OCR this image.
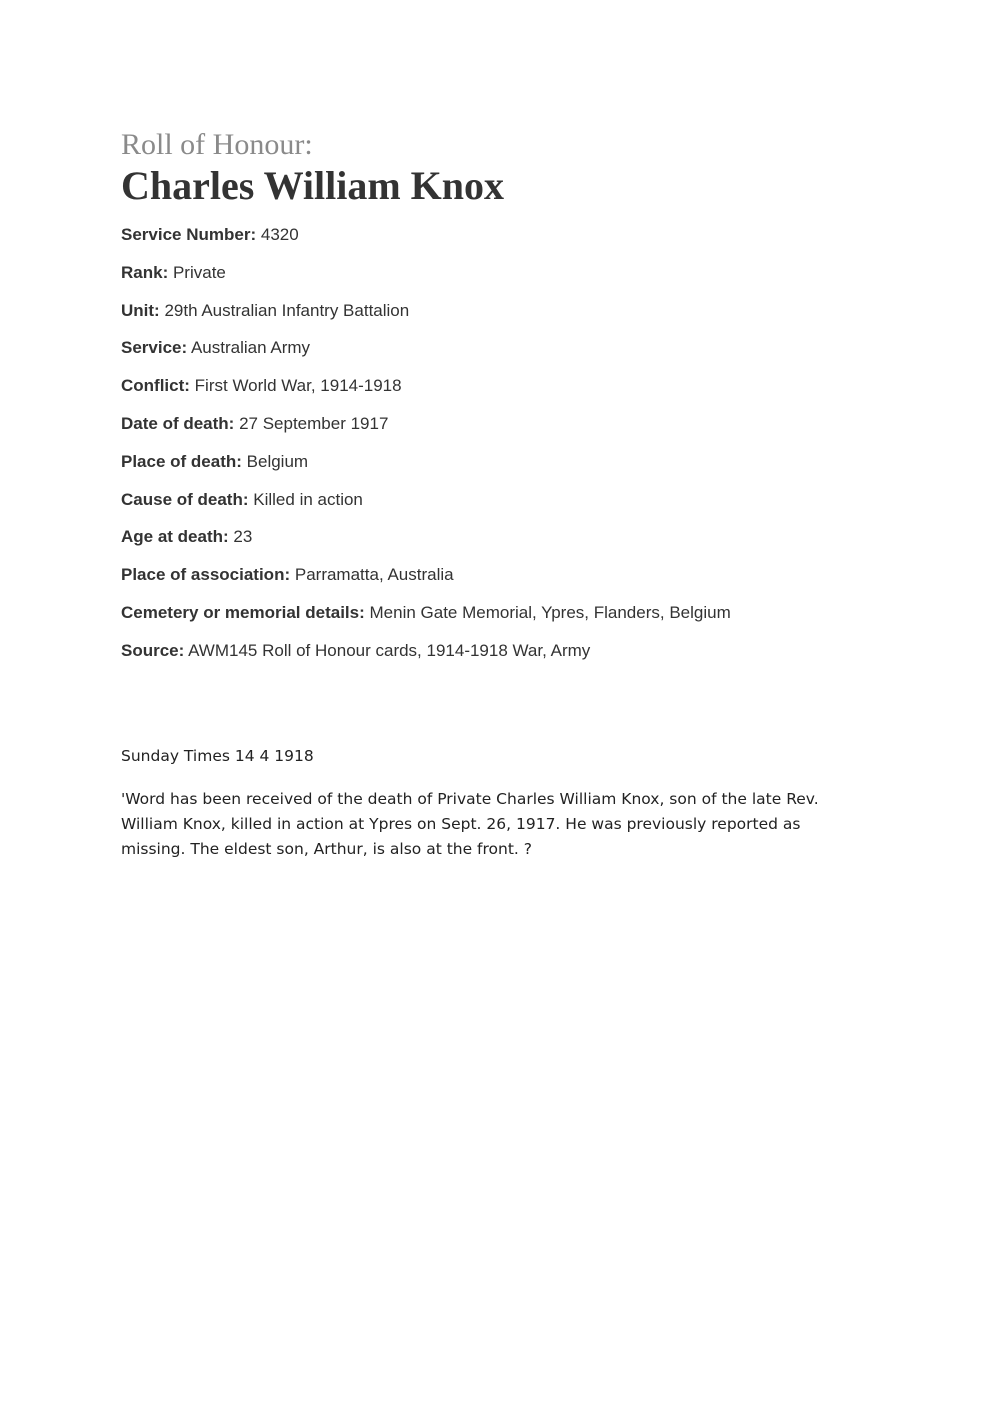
Roll of Honour:
Charles William Knox

Service Number: 4320

Rank: Private

Unit: 29th Australian Infantry Battalion

Service: Australian Army

Conflict: First World War, 1914-1918

Date of death: 27 September 1917

Place of death: Belgium

Cause of death: Killed in action

Age at death: 23

Place of association: Parramatta, Australia

Cemetery or memorial details: Menin Gate Memorial, Ypres, Flanders, Belgium

Source: AWM145 Roll of Honour cards, 1914-1918 War, Army

Sunday Times 14 4 1918

'Word has been received of the death of Private Charles William Knox, son of the late Rev. William Knox, killed in action at Ypres on Sept. 26, 1917. He was previously reported as missing. The eldest son, Arthur, is also at the front. ?
